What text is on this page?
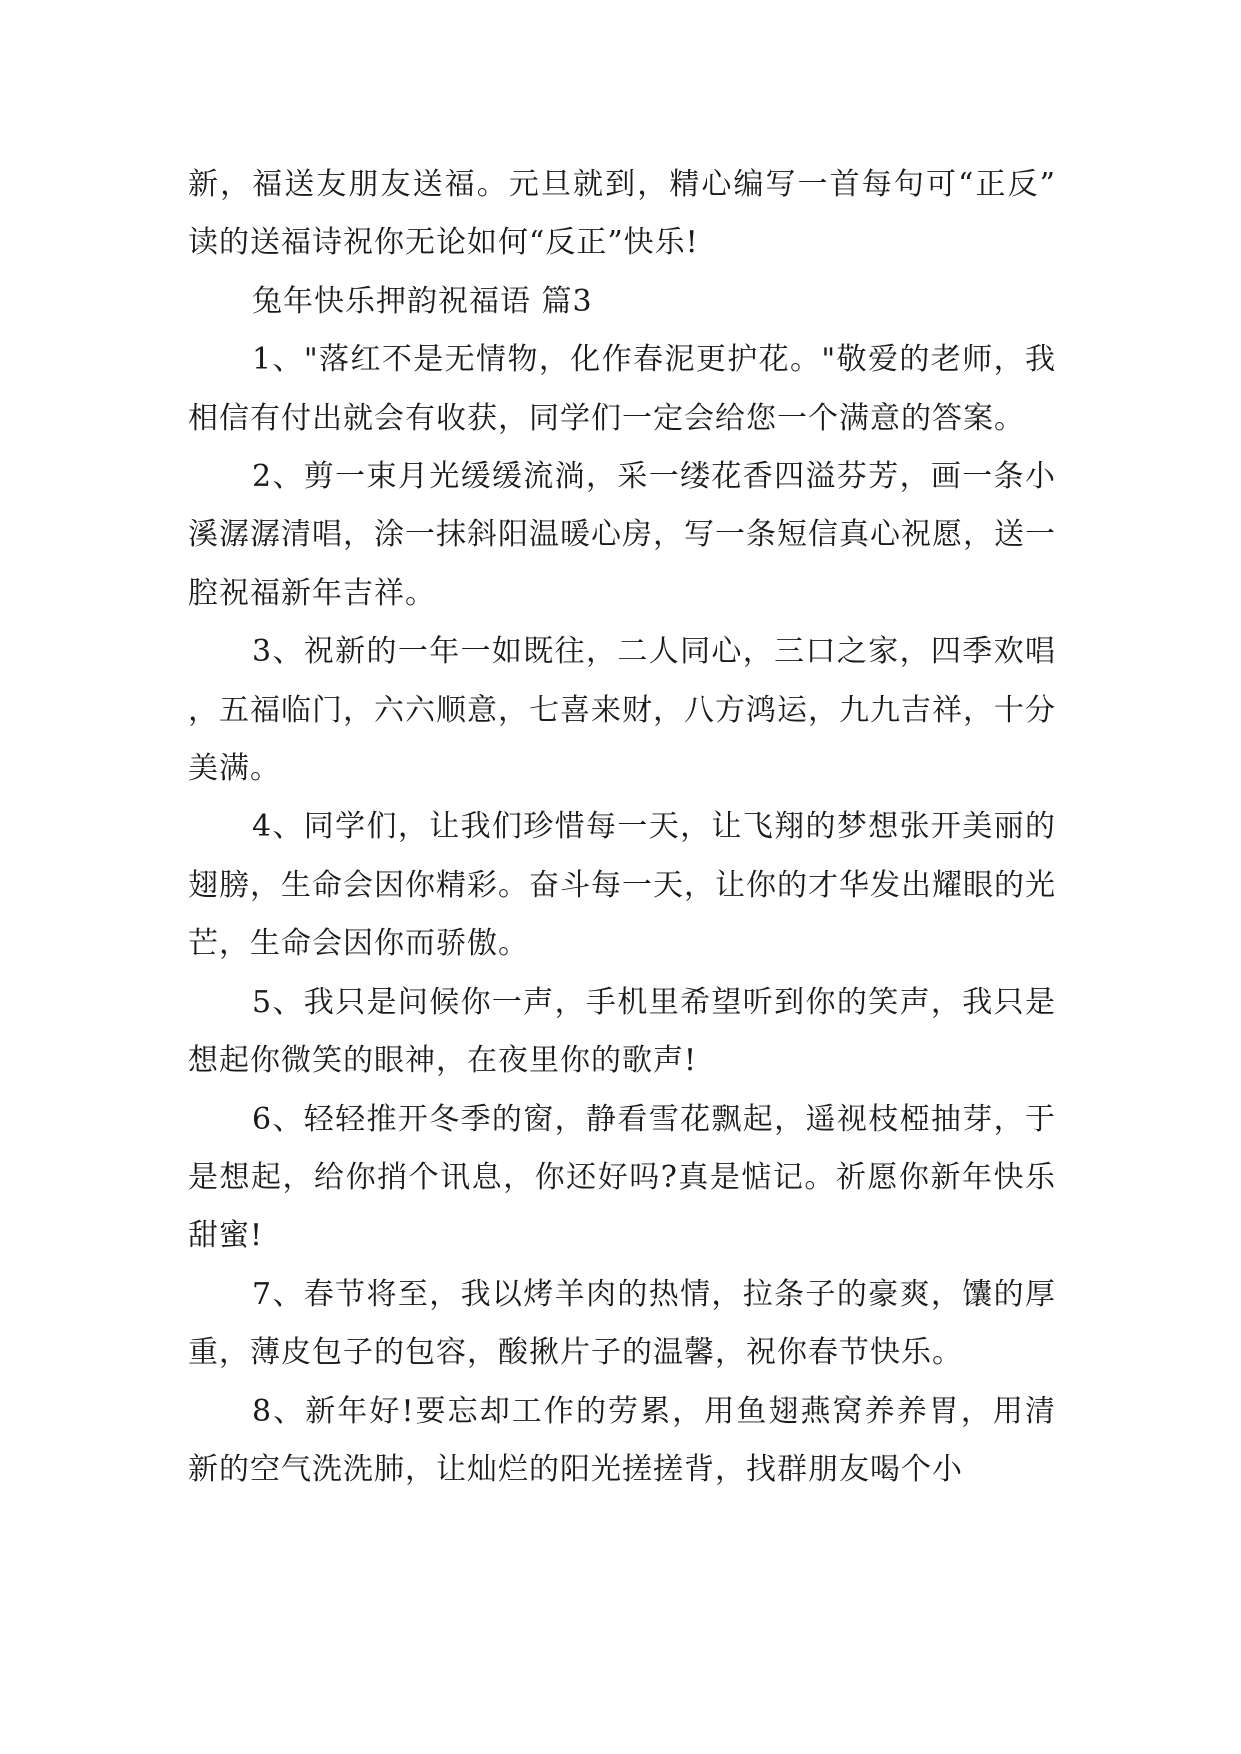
新，福送友朋友送福。元旦就到，精心编写一首每句可“正反”读的送福诗祝你无论如何“反正”快乐!

兔年快乐押韵祝福语 篇3

1、"落红不是无情物，化作春泥更护花。"敬爱的老师，我相信有付出就会有收获，同学们一定会给您一个满意的答案。

2、剪一束月光缓缓流淌，采一缕花香四溢芬芳，画一条小溪潺潺清唱，涂一抹斜阳温暖心房，写一条短信真心祝愿，送一腔祝福新年吉祥。

3、祝新的一年一如既往，二人同心，三口之家，四季欢唱，五福临门，六六顺意，七喜来财，八方鸿运，九九吉祥，十分美满。

4、同学们，让我们珍惜每一天，让飞翔的梦想张开美丽的翅膀，生命会因你精彩。奋斗每一天，让你的才华发出耀眼的光芒，生命会因你而骄傲。

5、我只是问候你一声，手机里希望听到你的笑声，我只是想起你微笑的眼神，在夜里你的歌声!

6、轻轻推开冬季的窗，静看雪花飘起，遥视枝椏抽芽，于是想起，给你捎个讯息，你还好吗?真是惦记。祈愿你新年快乐甜蜜!

7、春节将至，我以烤羊肉的热情，拉条子的豪爽，馕的厚重，薄皮包子的包容，酸揪片子的温馨，祝你春节快乐。

8、新年好!要忘却工作的劳累，用鱼翅燕窝养养胃，用清新的空气洗洗肺，让灿烂的阳光搓搓背，找群朋友喝个小
